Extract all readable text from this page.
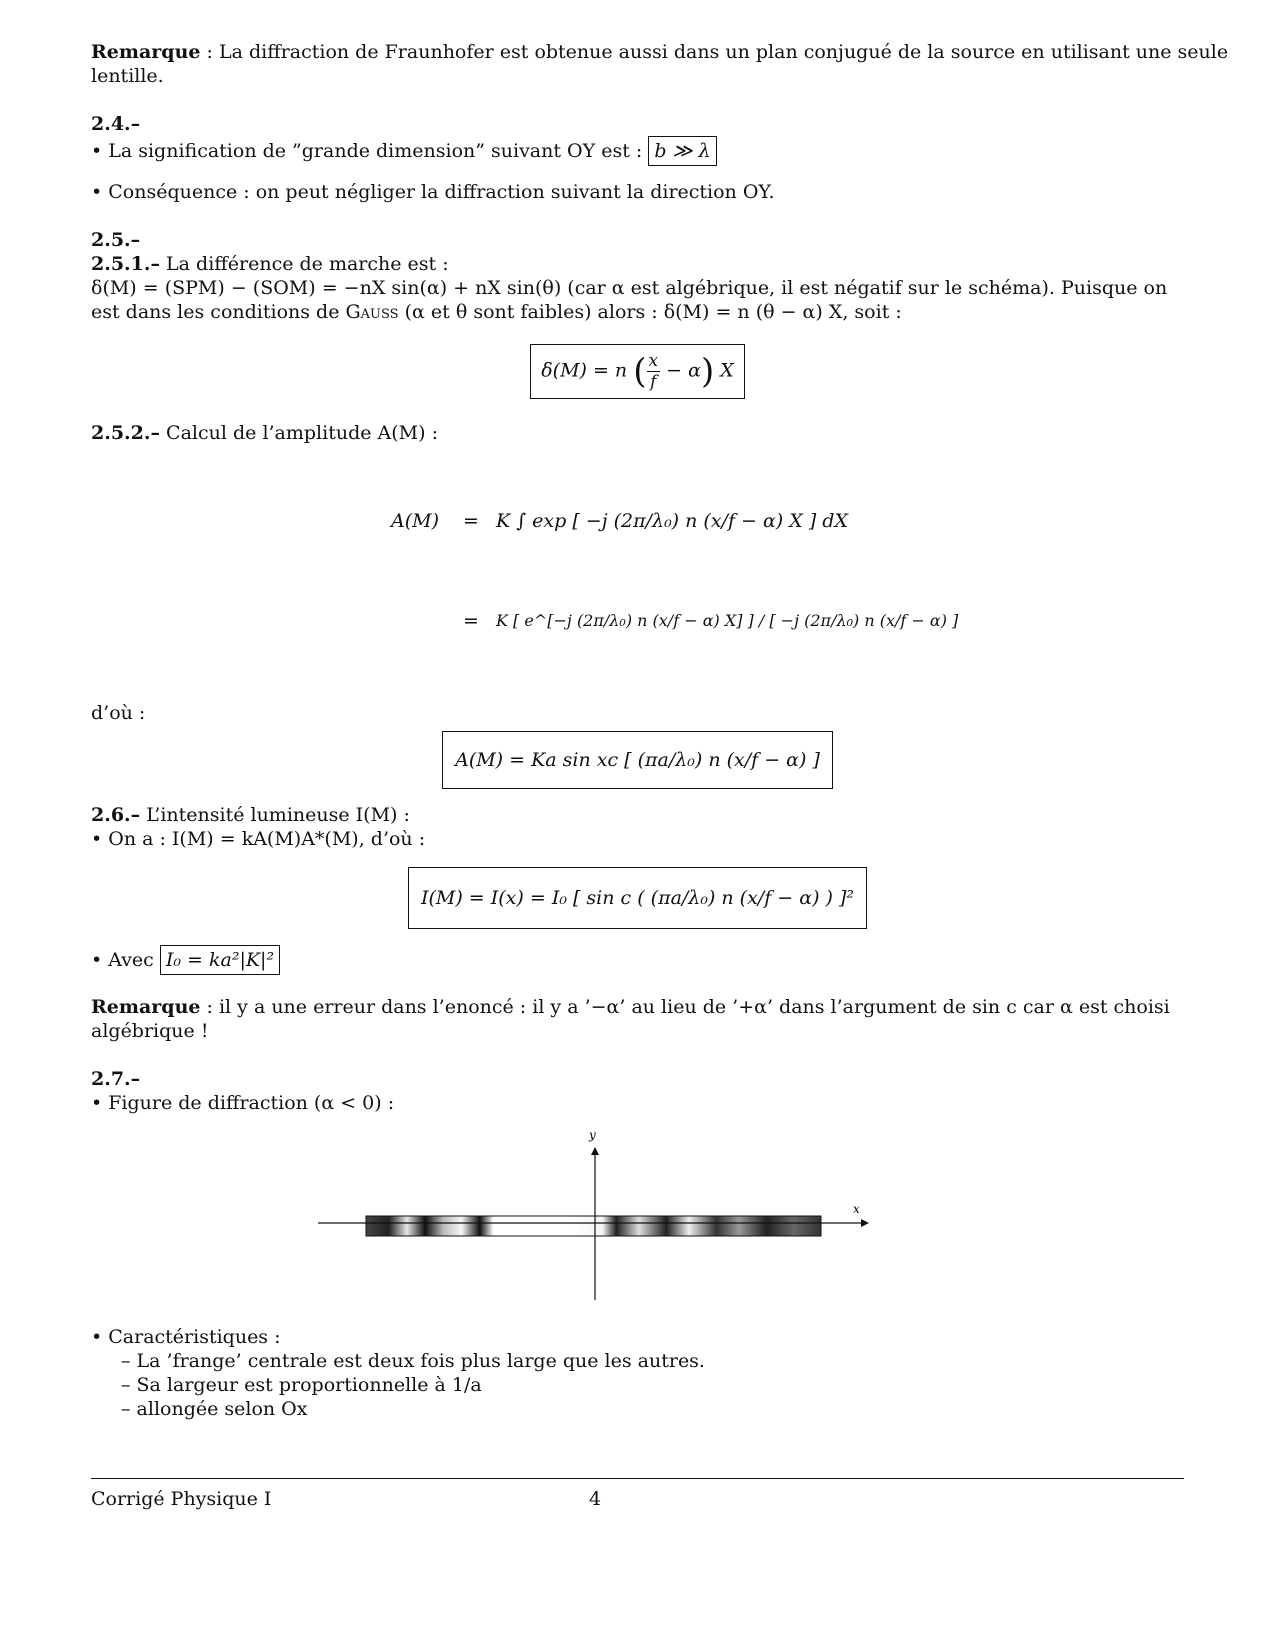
Remarque : La diffraction de Fraunhofer est obtenue aussi dans un plan conjugué de la source en utilisant une seule
lentille.
2.4.–
• La signification de ”grande dimension” suivant OY est : b ≫ λ
• Conséquence : on peut négliger la diffraction suivant la direction OY.
2.5.–
2.5.1.– La différence de marche est :
δ(M) = (SPM) − (SOM) = −nX sin(α) + nX sin(θ) (car α est algébrique, il est négatif sur le schéma). Puisque on
est dans les conditions de Gauss (α et θ sont faibles) alors : δ(M) = n (θ − α) X, soit :
δ(M) = n ( $\frac{x}{f} - \alpha$) X
2.5.2.– Calcul de l’amplitude A(M) :
A(M) = K ∫ exp [ −j (2π/λ₀) n (x/f − α) X ] dX
= K [ e^[−j (2π/λ₀) n (x/f − α) X] ] / [ −j (2π/λ₀) n (x/f − α) ]
d’où :
A(M) = Ka sin xc [ (πa/λ₀) n (x/f − α) ]
2.6.– L’intensité lumineuse I(M) :
• On a : I(M) = kA(M)A*(M), d’où :
I(M) = I(x) = I₀ [ sin c ( (πa/λ₀) n (x/f − α) ) ]²
• Avec I₀ = ka²|K|²
Remarque : il y a une erreur dans l’enoncé : il y a ’−α’ au lieu de ’+α’ dans l’argument de sin c car α est choisi
algébrique !
2.7.–
• Figure de diffraction (α < 0) :
x
y
• Caractéristiques :
– La ’frange’ centrale est deux fois plus large que les autres.
– Sa largeur est proportionnelle à 1/a
– allongée selon Ox
Corrigé Physique I	4
